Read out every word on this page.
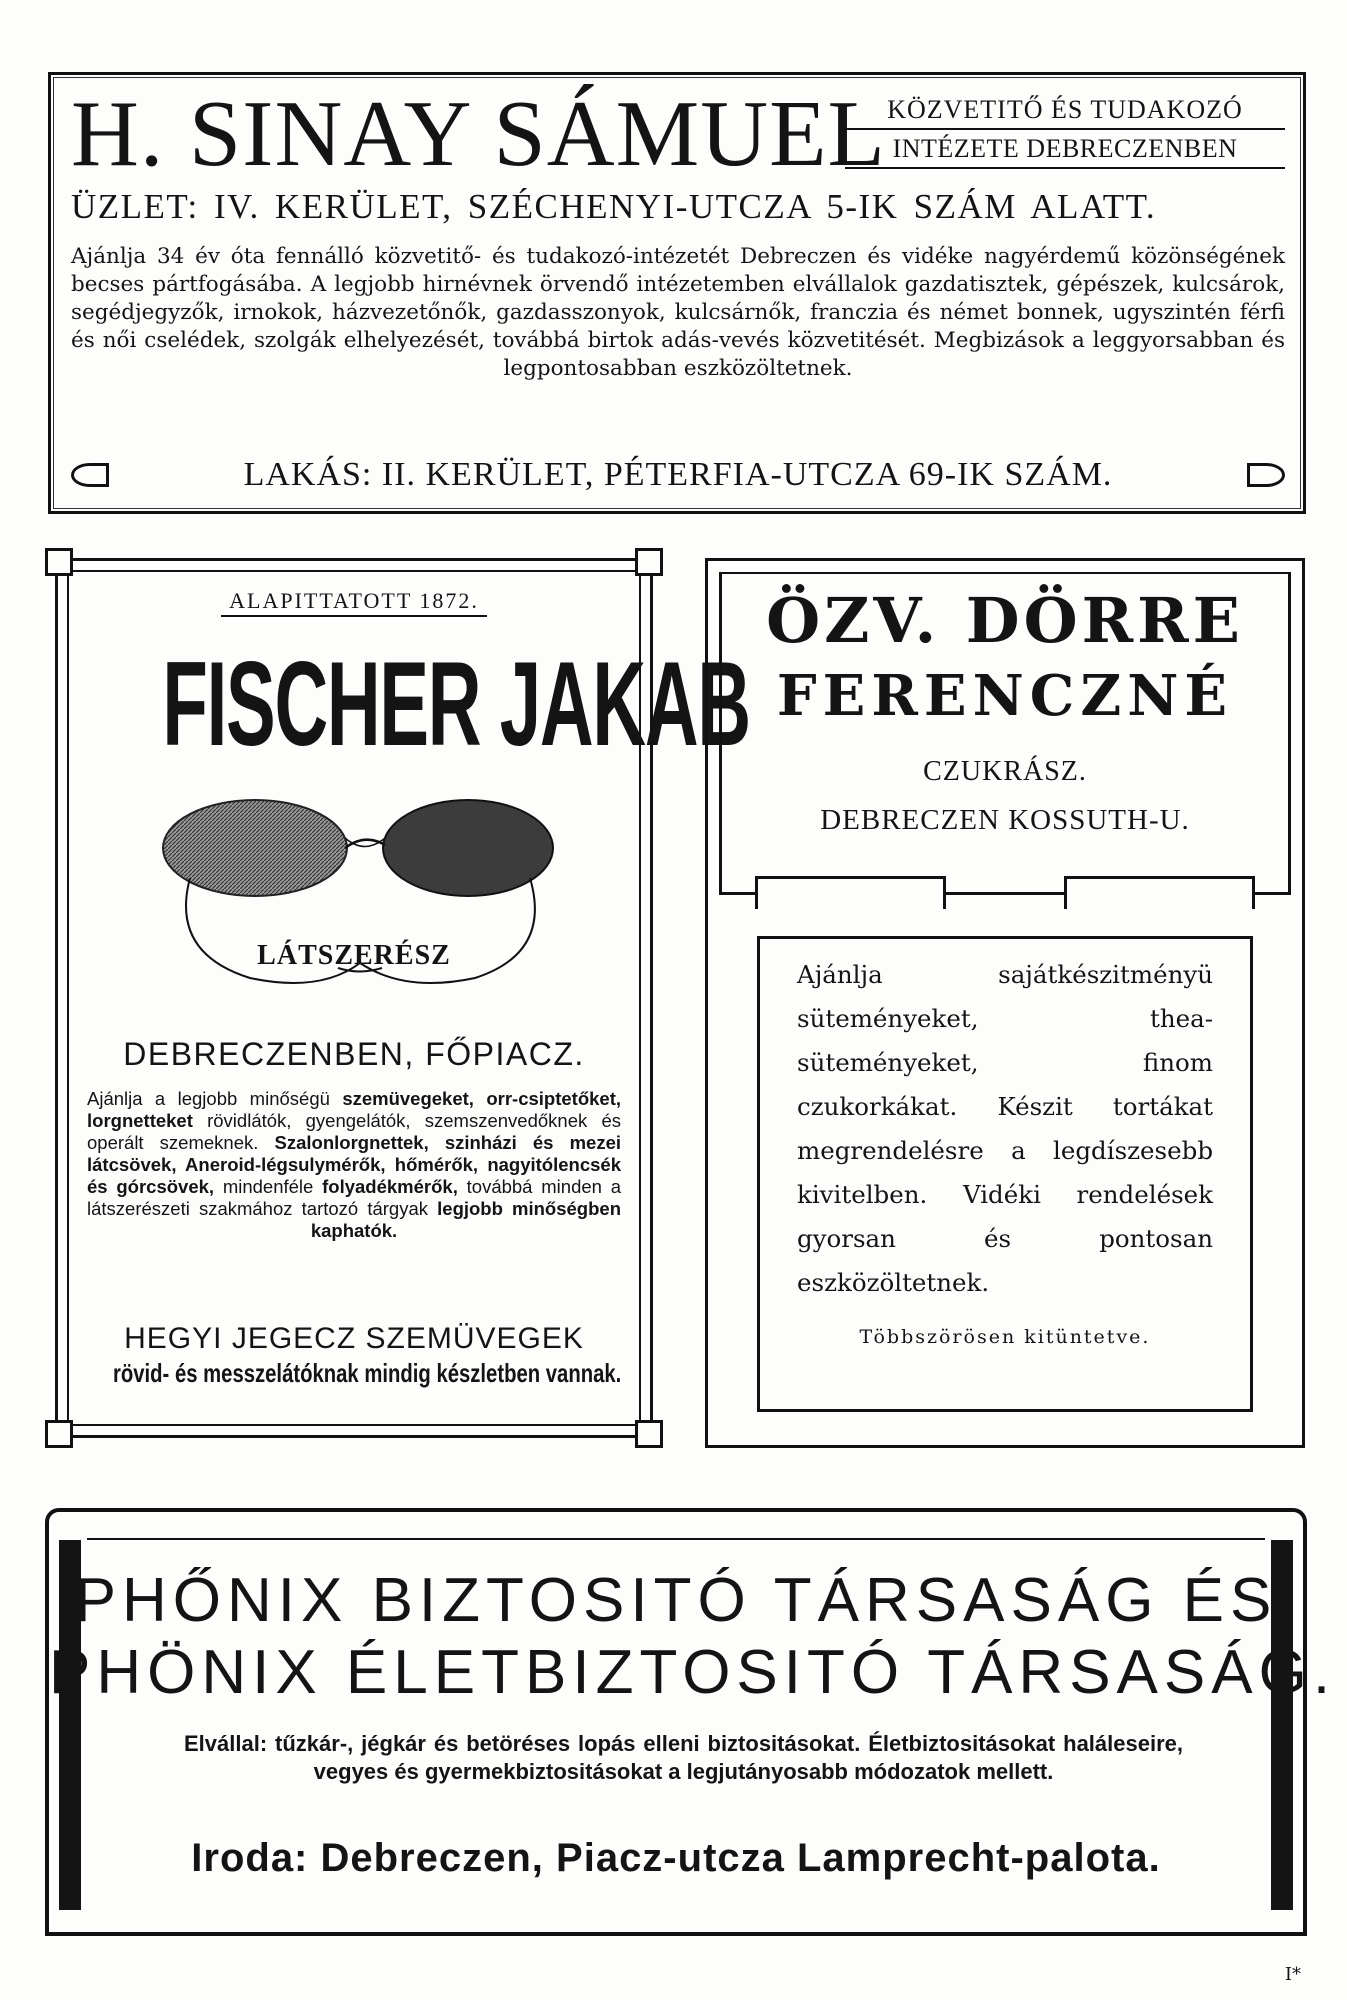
H. SINAY SÁMUEL KÖZVETITŐ ÉS TUDAKOZÓ
INTÉZETE DEBRECZENBEN
ÜZLET: IV. KERÜLET, SZÉCHENYI-UTCZA 5-IK SZÁM ALATT.
Ajánlja 34 év óta fennálló közvetitő- és tudakozó-intézetét Debreczen és vidéke nagyérdemű közönségének becses pártfogásába. A legjobb hirnévnek örvendő intézetemben elvállalok gazdatisztek, gépészek, kulcsárok, segédjegyzők, irnokok, házvezetőnők, gazdasszonyok, kulcsárnők, franczia és német bonnek, ugyszintén férfi és női cselédek, szolgák elhelyezését, továbbá birtok adás-vevés közvetitését. Megbizások a leggyorsabban és legpontosabban eszközöltetnek.
LAKÁS: II. KERÜLET, PÉTERFIA-UTCZA 69-IK SZÁM.
ALAPITTATOTT 1872.
FISCHER JAKAB
LÁTSZERÉSZ
DEBRECZENBEN, FŐPIACZ.
Ajánlja a legjobb minőségü szemüvegeket, orr-csiptetőket, lorgnetteket rövidlátók, gyengelátók, szemszenvedőknek és operált szemeknek. Szalonlorgnettek, szinházi és mezei látcsövek, Aneroid-légsulymérők, hőmérők, nagyitólencsék és górcsövek, mindenféle folyadékmérők, továbbá minden a látszerészeti szakmához tartozó tárgyak legjobb minőségben kaphatók.
HEGYI JEGECZ SZEMÜVEGEK
rövid- és messzelátóknak mindig készletben vannak.
ÖZV. DÖRRE
FERENCZNÉ
CZUKRÁSZ.
DEBRECZEN KOSSUTH-U.
Ajánlja sajátkészitményü süteményeket, thea-süteményeket, finom czukorkákat. Készit tortákat megrendelésre a legdíszesebb kivitelben. Vidéki rendelések gyorsan és pontosan eszközöltetnek.
Többszörösen kitüntetve.
PHŐNIX BIZTOSITÓ TÁRSASÁG ÉS
PHÖNIX ÉLETBIZTOSITÓ TÁRSASÁG.
Elvállal: tűzkár-, jégkár és betöréses lopás elleni biztositásokat. Életbiztositásokat haláleseire, vegyes és gyermekbiztositásokat a legjutányosabb módozatok mellett.
Iroda: Debreczen, Piacz-utcza Lamprecht-palota.
I*
